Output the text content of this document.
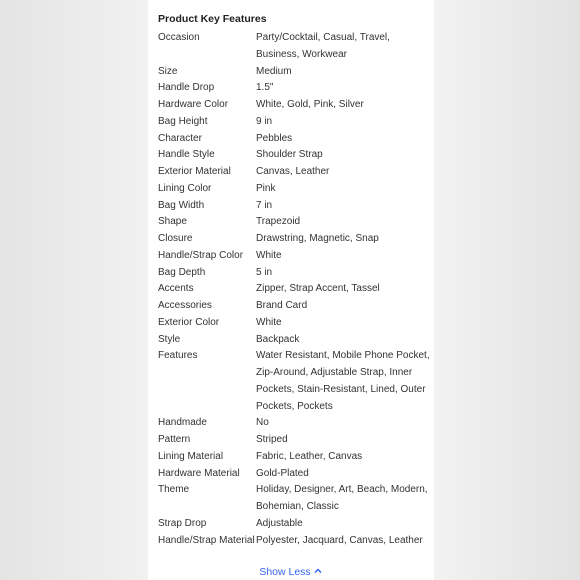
Product Key Features
Occasion	Party/Cocktail, Casual, Travel, Business, Workwear
Size	Medium
Handle Drop	1.5"
Hardware Color	White, Gold, Pink, Silver
Bag Height	9 in
Character	Pebbles
Handle Style	Shoulder Strap
Exterior Material	Canvas, Leather
Lining Color	Pink
Bag Width	7 in
Shape	Trapezoid
Closure	Drawstring, Magnetic, Snap
Handle/Strap Color	White
Bag Depth	5 in
Accents	Zipper, Strap Accent, Tassel
Accessories	Brand Card
Exterior Color	White
Style	Backpack
Features	Water Resistant, Mobile Phone Pocket, Zip-Around, Adjustable Strap, Inner Pockets, Stain-Resistant, Lined, Outer Pockets, Pockets
Handmade	No
Pattern	Striped
Lining Material	Fabric, Leather, Canvas
Hardware Material	Gold-Plated
Theme	Holiday, Designer, Art, Beach, Modern, Bohemian, Classic
Strap Drop	Adjustable
Handle/Strap Material Polyester, Jacquard, Canvas, Leather
Show Less
